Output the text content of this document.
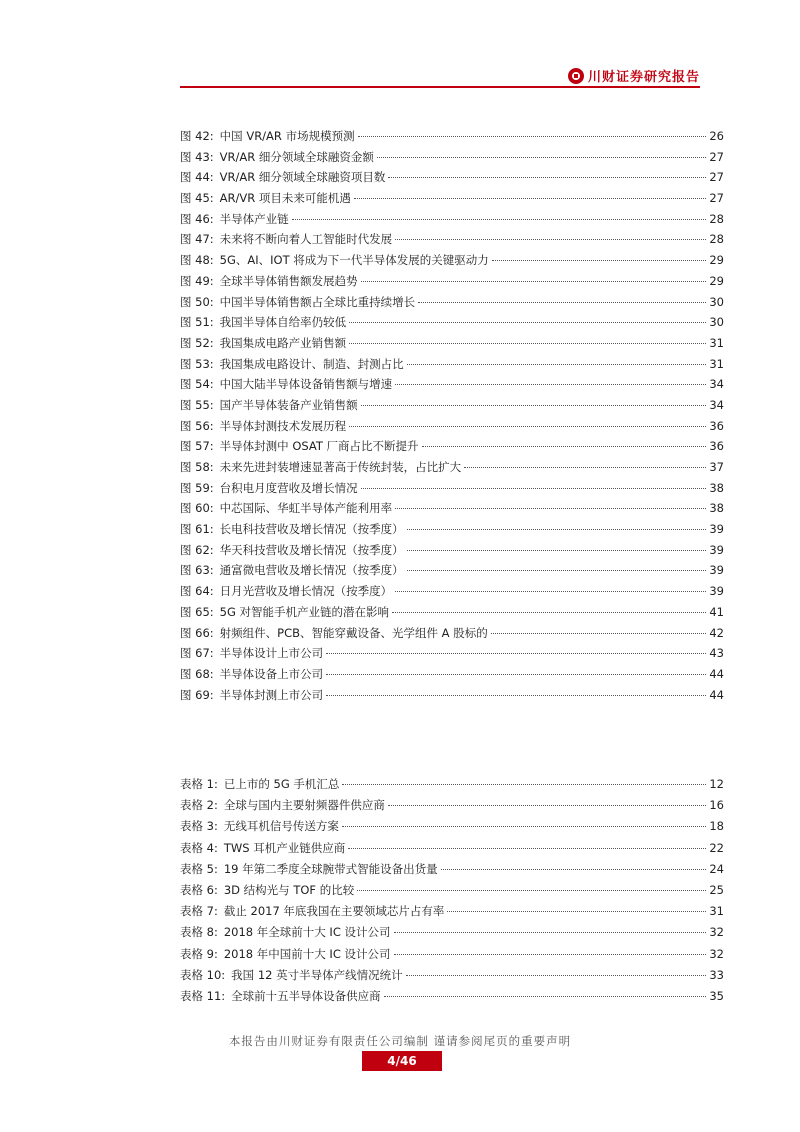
川财证券研究报告
图 42: 中国 VR/AR 市场规模预测	26
图 43: VR/AR 细分领域全球融资金额	27
图 44: VR/AR 细分领域全球融资项目数	27
图 45: AR/VR 项目未来可能机遇	27
图 46: 半导体产业链	28
图 47: 未来将不断向着人工智能时代发展	28
图 48: 5G、AI、IOT 将成为下一代半导体发展的关键驱动力	29
图 49: 全球半导体销售额发展趋势	29
图 50: 中国半导体销售额占全球比重持续增长	30
图 51: 我国半导体自给率仍较低	30
图 52: 我国集成电路产业销售额	31
图 53: 我国集成电路设计、制造、封测占比	31
图 54: 中国大陆半导体设备销售额与增速	34
图 55: 国产半导体装备产业销售额	34
图 56: 半导体封测技术发展历程	36
图 57: 半导体封测中 OSAT 厂商占比不断提升	36
图 58: 未来先进封装增速显著高于传统封装，占比扩大	37
图 59: 台积电月度营收及增长情况	38
图 60: 中芯国际、华虹半导体产能利用率	38
图 61: 长电科技营收及增长情况（按季度）	39
图 62: 华天科技营收及增长情况（按季度）	39
图 63: 通富微电营收及增长情况（按季度）	39
图 64: 日月光营收及增长情况（按季度）	39
图 65: 5G 对智能手机产业链的潜在影响	41
图 66: 射频组件、PCB、智能穿戴设备、光学组件 A 股标的	42
图 67: 半导体设计上市公司	43
图 68: 半导体设备上市公司	44
图 69: 半导体封测上市公司	44
表格 1: 已上市的 5G 手机汇总	12
表格 2: 全球与国内主要射频器件供应商	16
表格 3: 无线耳机信号传送方案	18
表格 4: TWS 耳机产业链供应商	22
表格 5: 19 年第二季度全球腕带式智能设备出货量	24
表格 6: 3D 结构光与 TOF 的比较	25
表格 7: 截止 2017 年底我国在主要领域芯片占有率	31
表格 8: 2018 年全球前十大 IC 设计公司	32
表格 9: 2018 年中国前十大 IC 设计公司	32
表格 10: 我国 12 英寸半导体产线情况统计	33
表格 11: 全球前十五半导体设备供应商	35
本报告由川财证券有限责任公司编制 谨请参阅尾页的重要声明
4/46
